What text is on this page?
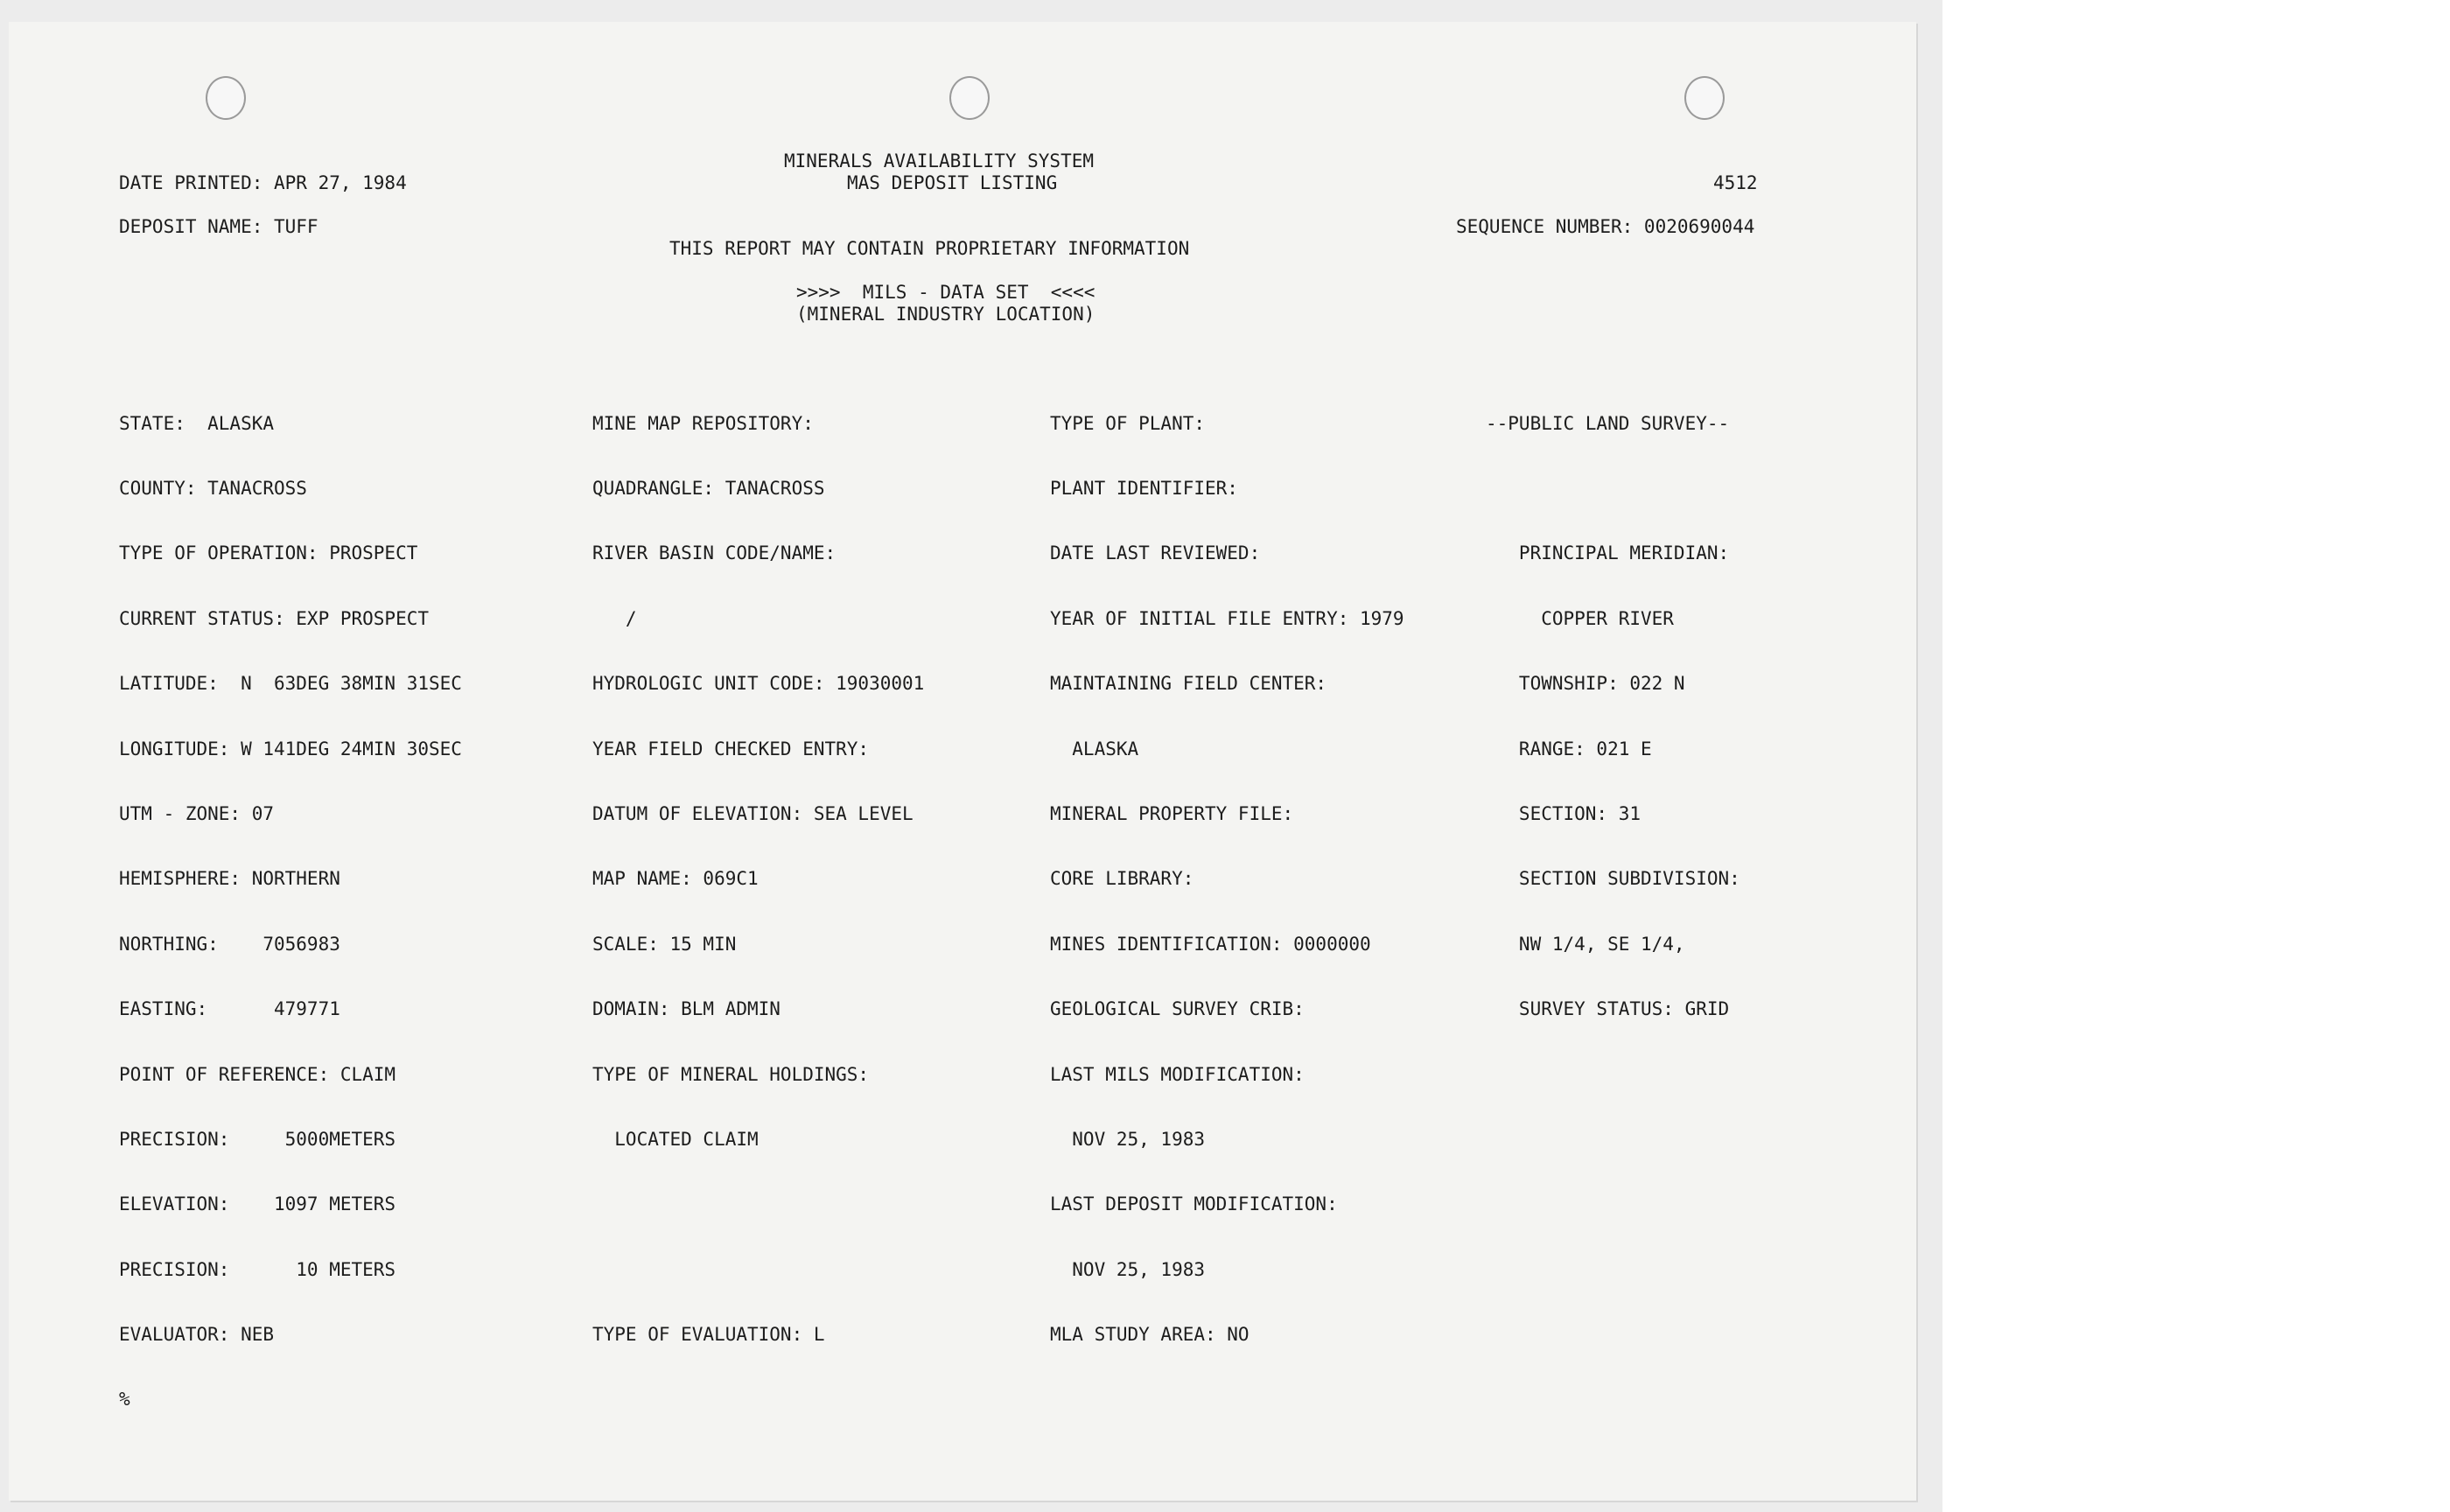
MINERALS AVAILABILITY SYSTEM
MAS DEPOSIT LISTING
DATE PRINTED: APR 27, 1984	4512
DEPOSIT NAME: TUFF	SEQUENCE NUMBER: 0020690044
THIS REPORT MAY CONTAIN PROPRIETARY INFORMATION
>>>>  MILS - DATA SET  <<<<
(MINERAL INDUSTRY LOCATION)

STATE:  ALASKA

COUNTY: TANACROSS

TYPE OF OPERATION: PROSPECT

CURRENT STATUS: EXP PROSPECT

LATITUDE:  N  63DEG 38MIN 31SEC

LONGITUDE: W 141DEG 24MIN 30SEC

UTM - ZONE: 07

HEMISPHERE: NORTHERN

NORTHING:    7056983

EASTING:      479771

POINT OF REFERENCE: CLAIM

PRECISION:     5000METERS

ELEVATION:    1097 METERS

PRECISION:      10 METERS

EVALUATOR: NEB

%

MINE MAP REPOSITORY:

QUADRANGLE: TANACROSS

RIVER BASIN CODE/NAME:

/

HYDROLOGIC UNIT CODE: 19030001

YEAR FIELD CHECKED ENTRY:

DATUM OF ELEVATION: SEA LEVEL

MAP NAME: 069C1

SCALE: 15 MIN

DOMAIN: BLM ADMIN

TYPE OF MINERAL HOLDINGS:

LOCATED CLAIM

TYPE OF EVALUATION: L

TYPE OF PLANT:

PLANT IDENTIFIER:

DATE LAST REVIEWED:

YEAR OF INITIAL FILE ENTRY: 1979

MAINTAINING FIELD CENTER:

ALASKA

MINERAL PROPERTY FILE:

CORE LIBRARY:

MINES IDENTIFICATION: 0000000

GEOLOGICAL SURVEY CRIB:

LAST MILS MODIFICATION:

NOV 25, 1983

LAST DEPOSIT MODIFICATION:

NOV 25, 1983

MLA STUDY AREA: NO

--PUBLIC LAND SURVEY--

PRINCIPAL MERIDIAN:

COPPER RIVER

TOWNSHIP: 022 N

RANGE: 021 E

SECTION: 31

SECTION SUBDIVISION:

NW 1/4, SE 1/4,

SURVEY STATUS: GRID
